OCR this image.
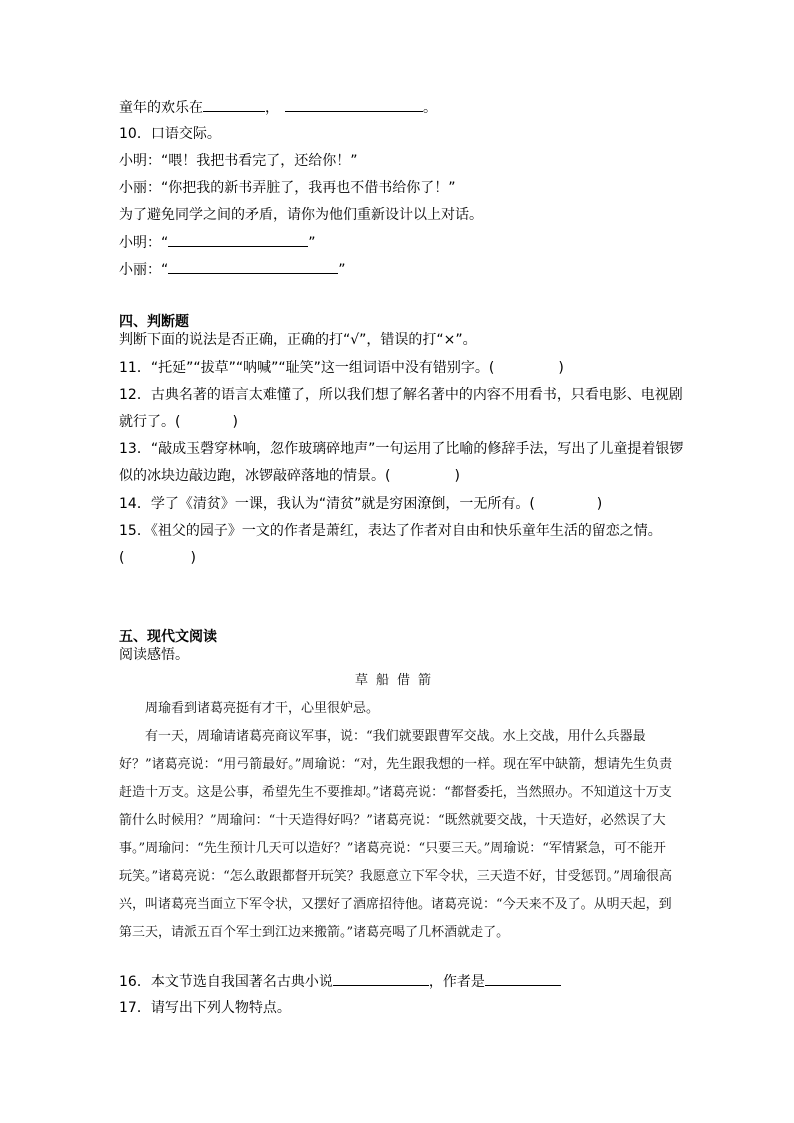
童年的欢乐在	，	。
10．口语交际。
小明：“喂！我把书看完了，还给你！”
小丽：“你把我的新书弄脏了，我再也不借书给你了！”
为了避免同学之间的矛盾，请你为他们重新设计以上对话。
小明：“	”
小丽：“	”
四、判断题
判断下面的说法是否正确，正确的打“√”，错误的打“×”。
11．“托延”“拔草”“呐喊”“耻笑”这一组词语中没有错别字。(	)
12．古典名著的语言太难懂了，所以我们想了解名著中的内容不用看书，只看电影、电视剧
就行了。(	)
13．“敲成玉磬穿林响，忽作玻璃碎地声”一句运用了比喻的修辞手法，写出了儿童提着银锣
似的冰块边敲边跑，冰锣敲碎落地的情景。(	)
14．学了《清贫》一课，我认为“清贫”就是穷困潦倒，一无所有。(	)
15．《祖父的园子》一文的作者是萧红，表达了作者对自由和快乐童年生活的留恋之情。
(	)
五、现代文阅读
阅读感悟。
草船借箭
周瑜看到诸葛亮挺有才干，心里很妒忌。
有一天，周瑜请诸葛亮商议军事，说：“我们就要跟曹军交战。水上交战，用什么兵器最好？”诸葛亮说：“用弓箭最好。”周瑜说：“对，先生跟我想的一样。现在军中缺箭，想请先生负责赶造十万支。这是公事，希望先生不要推却。”诸葛亮说：“都督委托，当然照办。不知道这十万支箭什么时候用？”周瑜问：“十天造得好吗？”诸葛亮说：“既然就要交战，十天造好，必然误了大事。”周瑜问：“先生预计几天可以造好？”诸葛亮说：“只要三天。”周瑜说：“军情紧急，可不能开玩笑。”诸葛亮说：“怎么敢跟都督开玩笑？我愿意立下军令状，三天造不好，甘受惩罚。”周瑜很高兴，叫诸葛亮当面立下军令状，又摆好了酒席招待他。诸葛亮说：“今天来不及了。从明天起，到第三天，请派五百个军士到江边来搬箭。”诸葛亮喝了几杯酒就走了。
16．本文节选自我国著名古典小说	，作者是
17．请写出下列人物特点。
